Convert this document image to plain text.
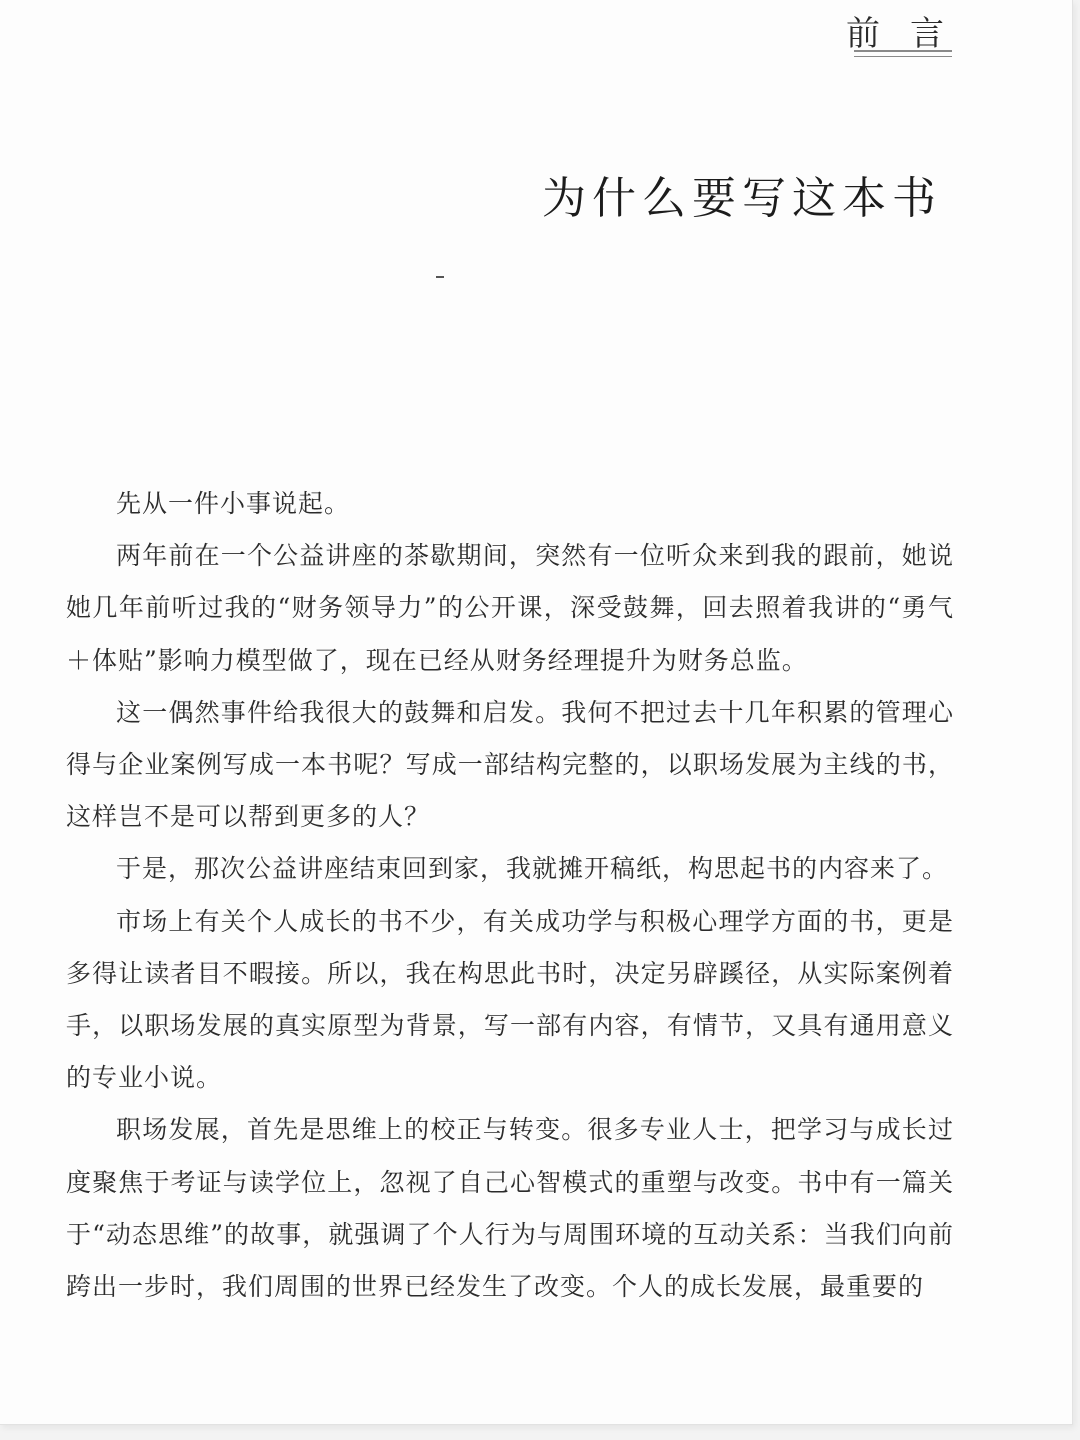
前 言
为什么要写这本书

先从一件小事说起。

两年前在一个公益讲座的茶歇期间，突然有一位听众来到我的跟前，她说她几年前听过我的“财务领导力”的公开课，深受鼓舞，回去照着我讲的“勇气＋体贴”影响力模型做了，现在已经从财务经理提升为财务总监。

这一偶然事件给我很大的鼓舞和启发。我何不把过去十几年积累的管理心得与企业案例写成一本书呢？写成一部结构完整的，以职场发展为主线的书，这样岂不是可以帮到更多的人？

于是，那次公益讲座结束回到家，我就摊开稿纸，构思起书的内容来了。

市场上有关个人成长的书不少，有关成功学与积极心理学方面的书，更是多得让读者目不暇接。所以，我在构思此书时，决定另辟蹊径，从实际案例着手，以职场发展的真实原型为背景，写一部有内容，有情节，又具有通用意义的专业小说。

职场发展，首先是思维上的校正与转变。很多专业人士，把学习与成长过度聚焦于考证与读学位上，忽视了自己心智模式的重塑与改变。书中有一篇关于“动态思维”的故事，就强调了个人行为与周围环境的互动关系：当我们向前跨出一步时，我们周围的世界已经发生了改变。个人的成长发展，最重要的
